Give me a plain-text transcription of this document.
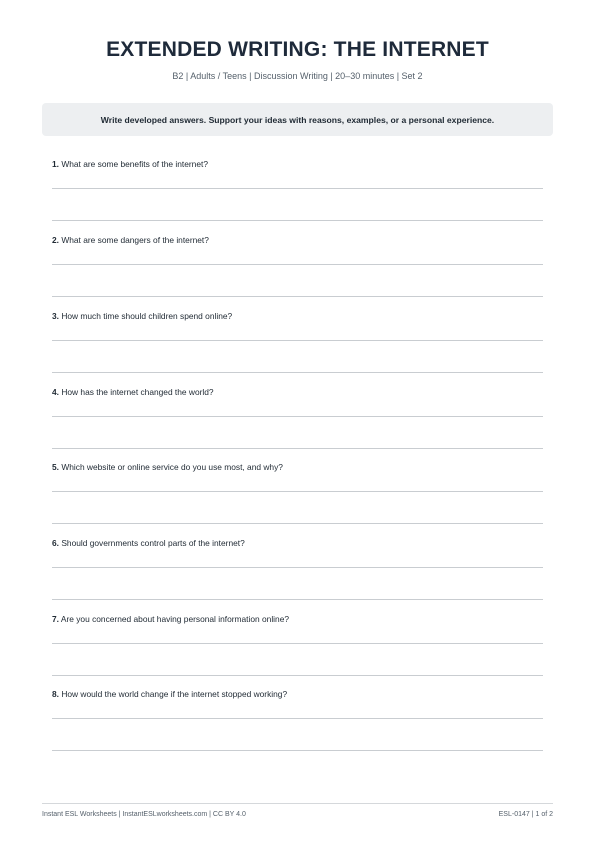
EXTENDED WRITING: THE INTERNET
B2 | Adults / Teens | Discussion Writing | 20–30 minutes | Set 2
Write developed answers. Support your ideas with reasons, examples, or a personal experience.
1. What are some benefits of the internet?
2. What are some dangers of the internet?
3. How much time should children spend online?
4. How has the internet changed the world?
5. Which website or online service do you use most, and why?
6. Should governments control parts of the internet?
7. Are you concerned about having personal information online?
8. How would the world change if the internet stopped working?
Instant ESL Worksheets | InstantESLworksheets.com | CC BY 4.0	ESL-0147 | 1 of 2
